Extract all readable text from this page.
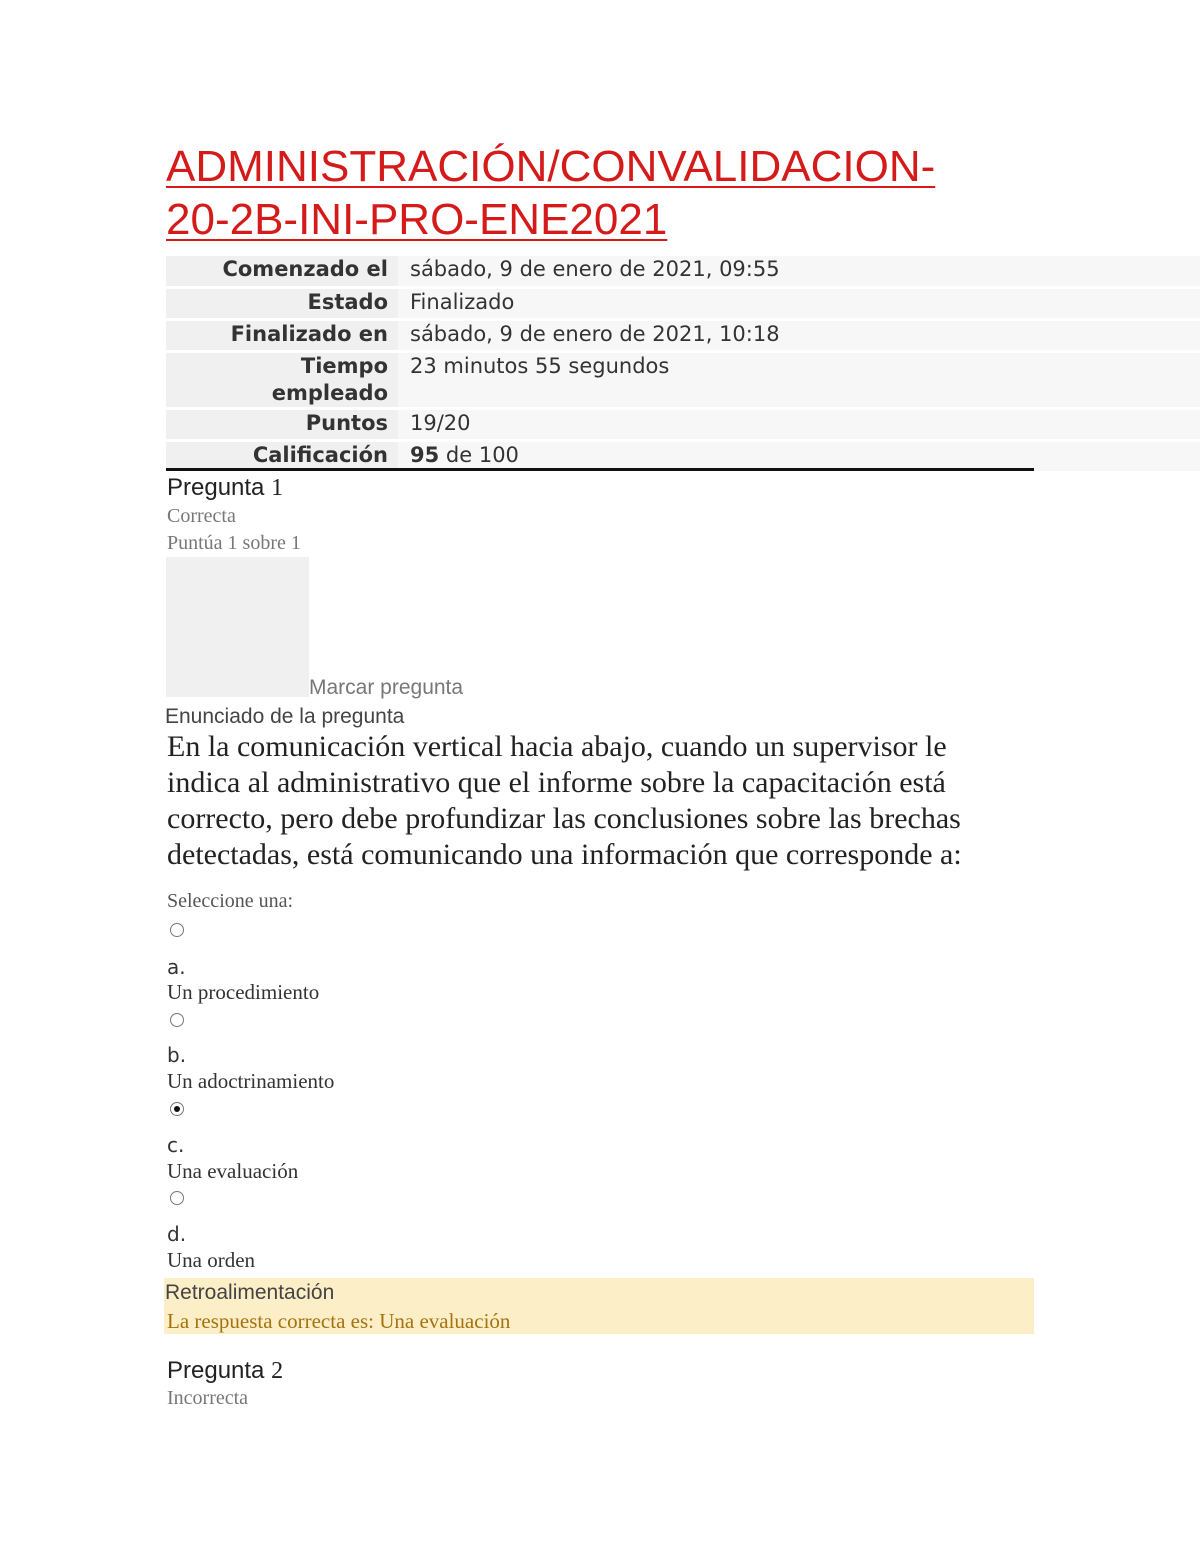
ADMINISTRACIÓN/CONVALIDACION-
20-2B-INI-PRO-ENE2021
Comenzado el	sábado, 9 de enero de 2021, 09:55
Estado	Finalizado
Finalizado en	sábado, 9 de enero de 2021, 10:18
Tiempo
empleado	23 minutos 55 segundos
Puntos	19/20
Calificación	95 de 100
Pregunta 1
Correcta
Puntúa 1 sobre 1
Marcar pregunta
Enunciado de la pregunta
En la comunicación vertical hacia abajo, cuando un supervisor le
indica al administrativo que el informe sobre la capacitación está
correcto, pero debe profundizar las conclusiones sobre las brechas
detectadas, está comunicando una información que corresponde a:
Seleccione una:
a.
Un procedimiento
b.
Un adoctrinamiento
c.
Una evaluación
d.
Una orden
Retroalimentación
La respuesta correcta es: Una evaluación
Pregunta 2
Incorrecta
